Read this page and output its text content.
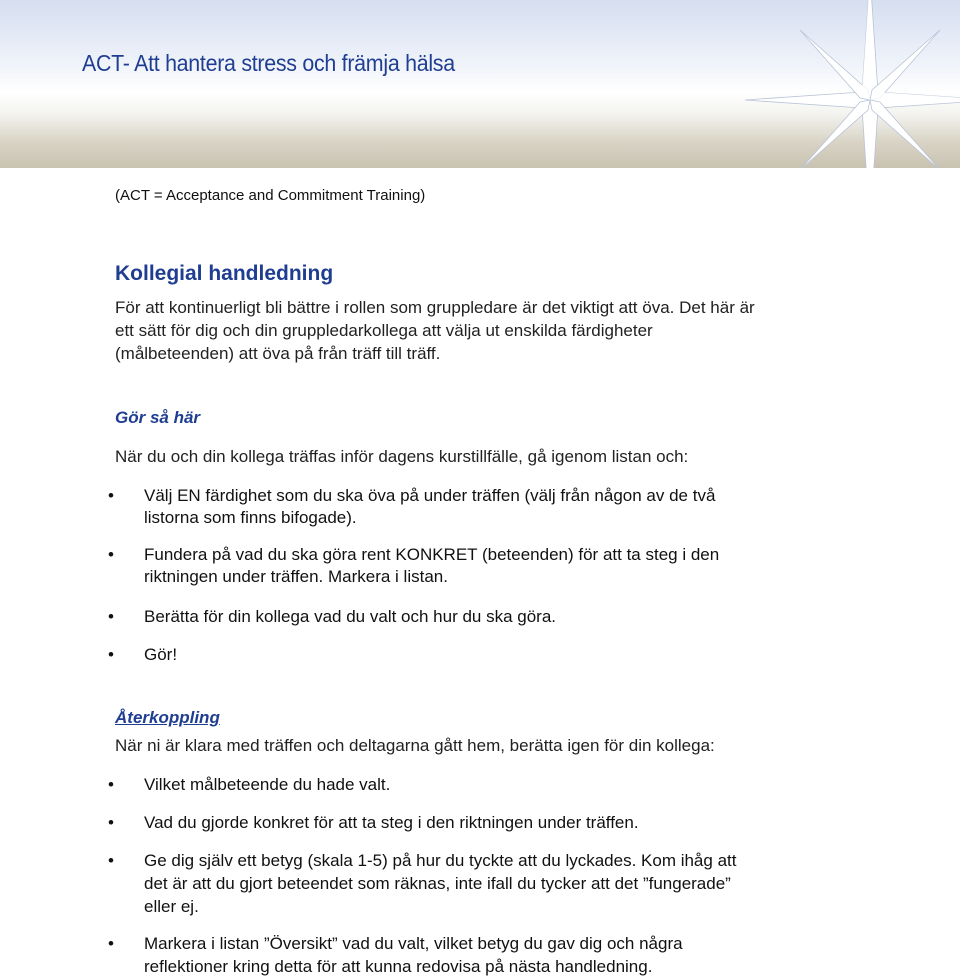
ACT- Att hantera stress och främja hälsa
(ACT = Acceptance and Commitment Training)
Kollegial handledning
För att kontinuerligt bli bättre i rollen som gruppledare är det viktigt att öva. Det här är
ett sätt för dig och din gruppledarkollega att välja ut enskilda färdigheter
(målbeteenden) att öva på från träff till träff.
Gör så här
När du och din kollega träffas inför dagens kurstillfälle, gå igenom listan och:
• Välj EN färdighet som du ska öva på under träffen (välj från någon av de två
listorna som finns bifogade).
• Fundera på vad du ska göra rent KONKRET (beteenden) för att ta steg i den
riktningen under träffen. Markera i listan.
• Berätta för din kollega vad du valt och hur du ska göra.
• Gör!
Återkoppling
När ni är klara med träffen och deltagarna gått hem, berätta igen för din kollega:
• Vilket målbeteende du hade valt.
• Vad du gjorde konkret för att ta steg i den riktningen under träffen.
• Ge dig själv ett betyg (skala 1-5) på hur du tyckte att du lyckades. Kom ihåg att
det är att du gjort beteendet som räknas, inte ifall du tycker att det ”fungerade”
eller ej.
• Markera i listan ”Översikt” vad du valt, vilket betyg du gav dig och några
reflektioner kring detta för att kunna redovisa på nästa handledning.
